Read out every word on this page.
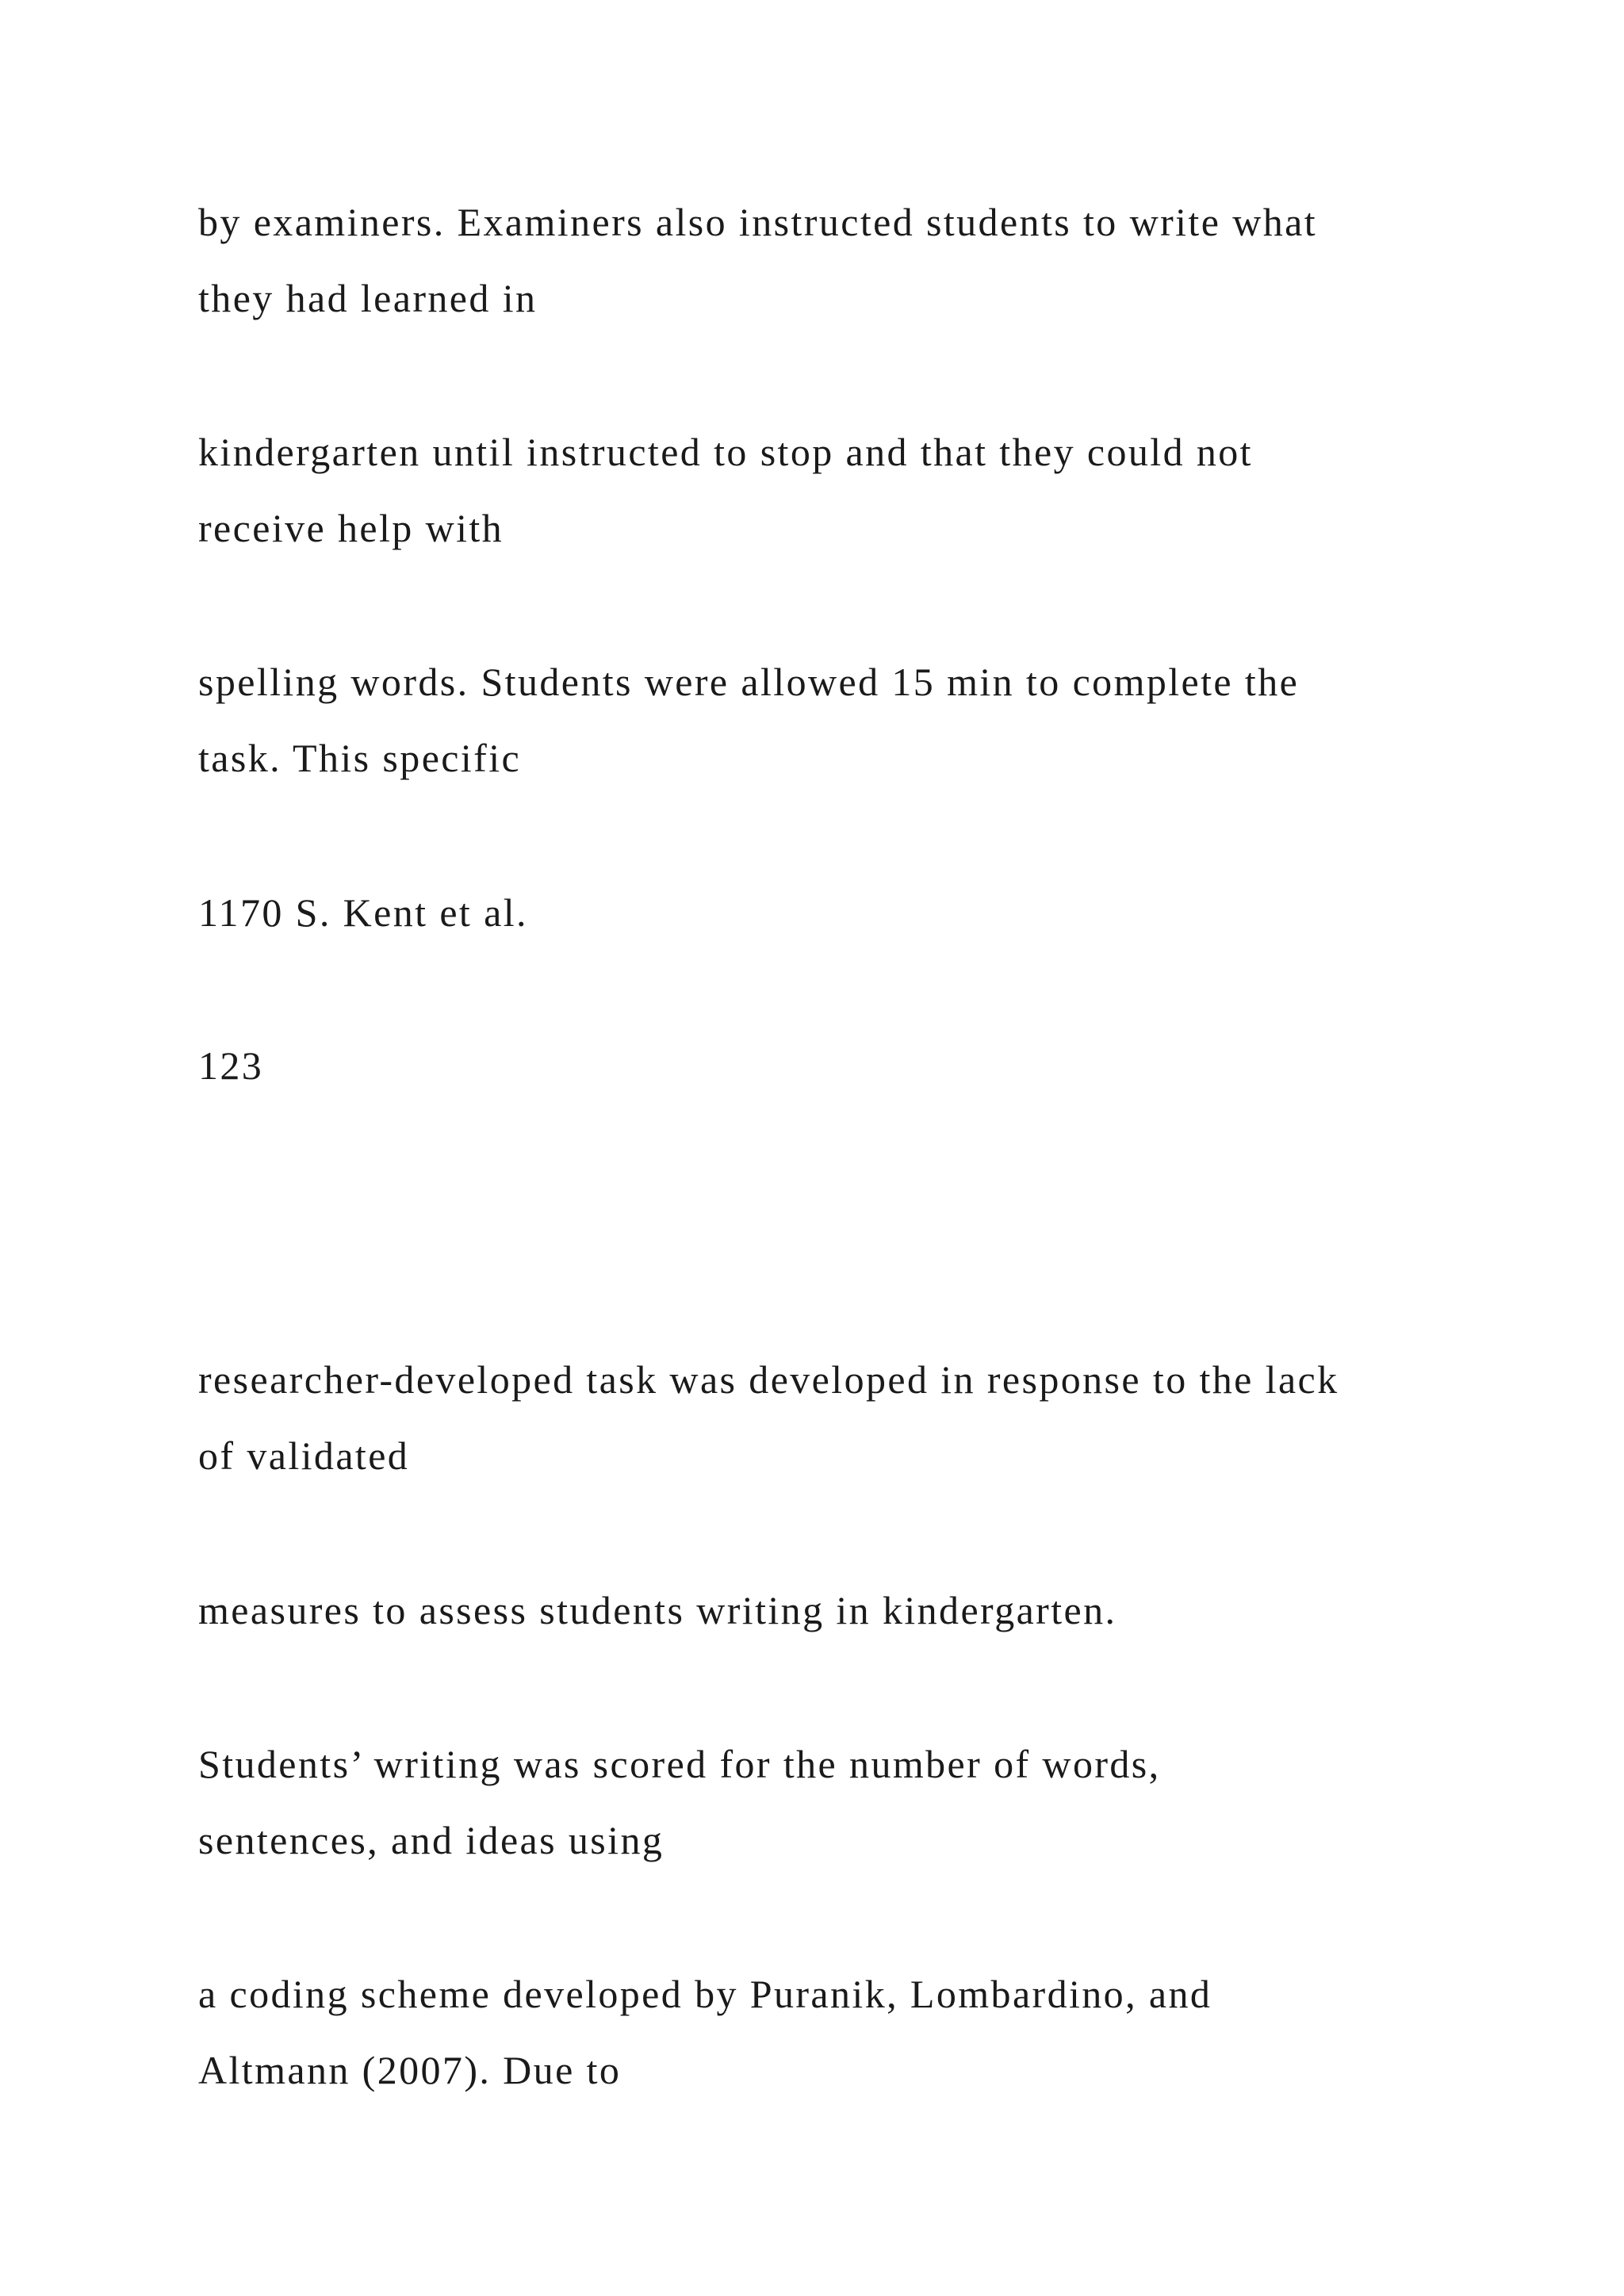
by examiners. Examiners also instructed students to write what
they had learned in
kindergarten until instructed to stop and that they could not
receive help with
spelling words. Students were allowed 15 min to complete the
task. This specific
1170 S. Kent et al.
123
researcher-developed task was developed in response to the lack
of validated
measures to assess students writing in kindergarten.
Students’ writing was scored for the number of words,
sentences, and ideas using
a coding scheme developed by Puranik, Lombardino, and
Altmann (2007). Due to
